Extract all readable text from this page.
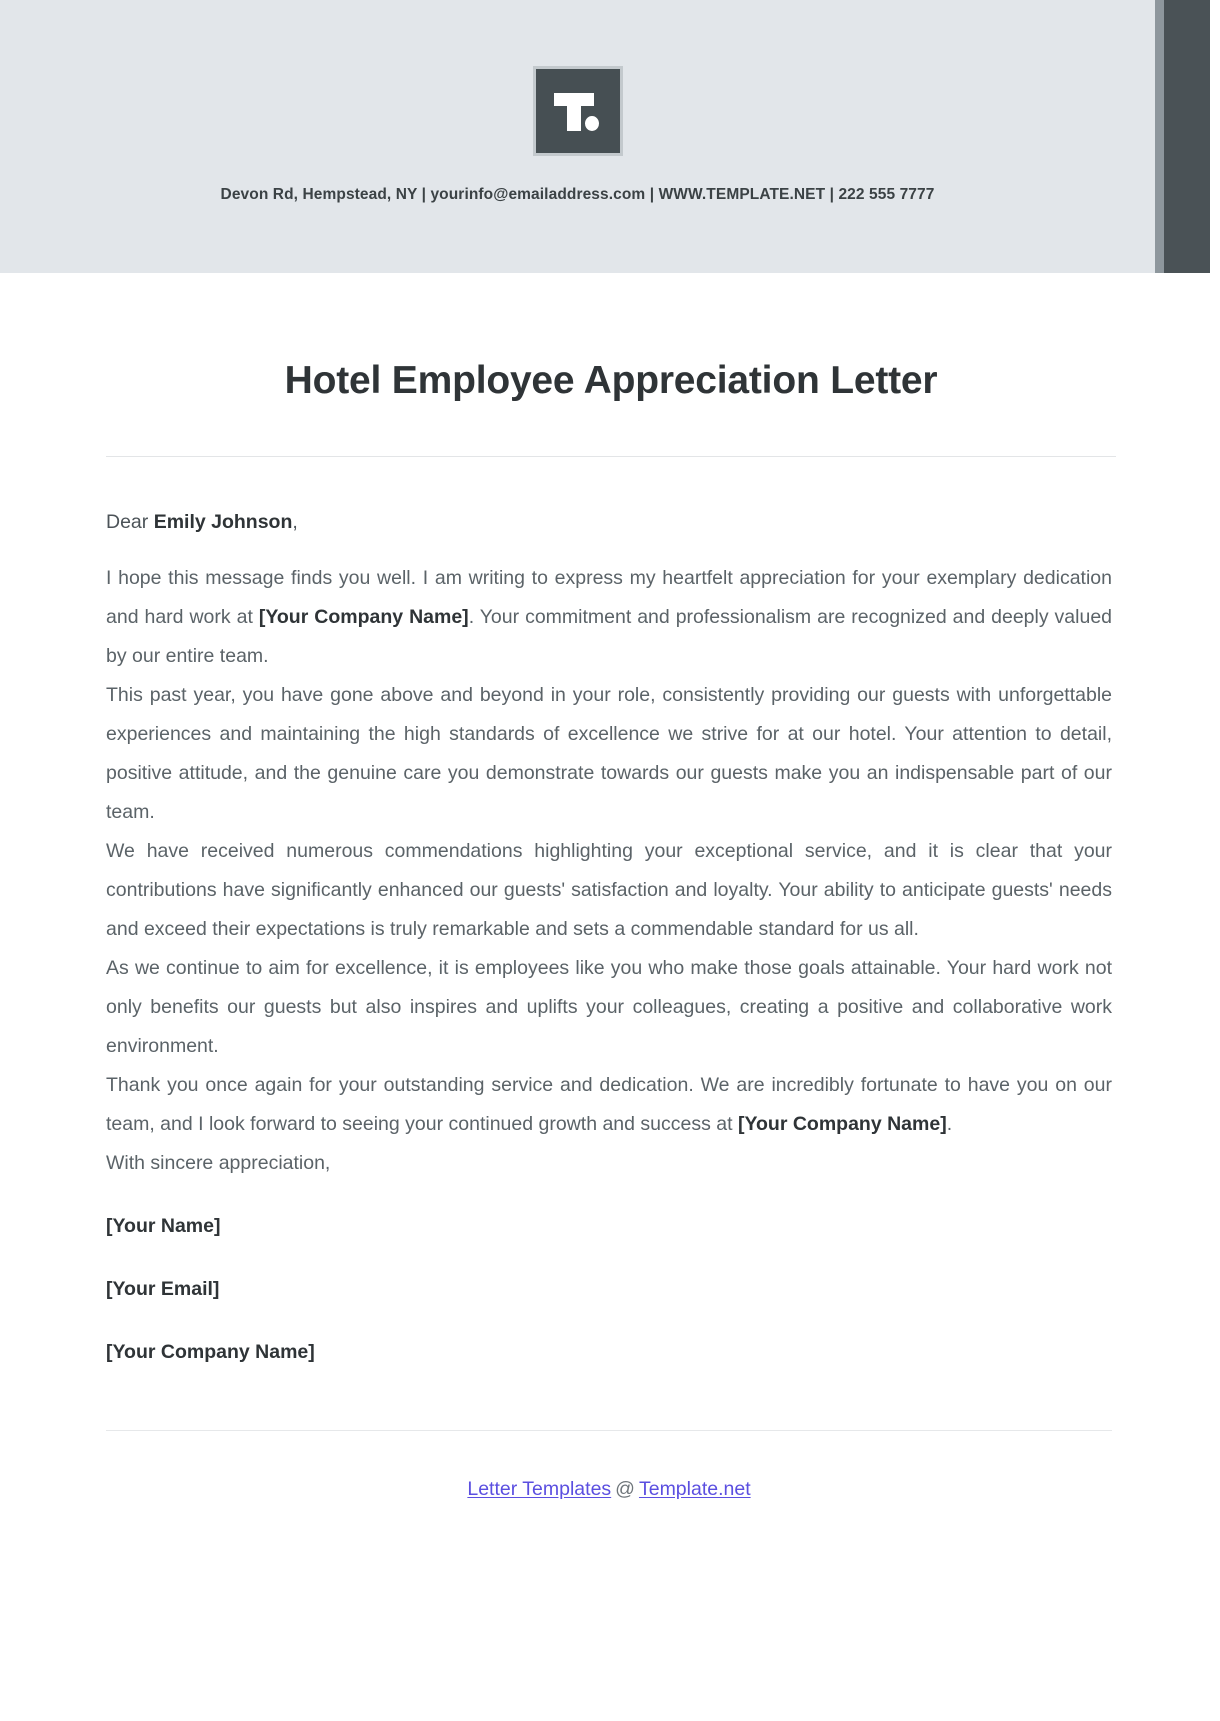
Devon Rd, Hempstead, NY | yourinfo@emailaddress.com | WWW.TEMPLATE.NET | 222 555 7777
Hotel Employee Appreciation Letter

Dear Emily Johnson,

I hope this message finds you well. I am writing to express my heartfelt appreciation for your exemplary dedication and hard work at [Your Company Name]. Your commitment and professionalism are recognized and deeply valued by our entire team.

This past year, you have gone above and beyond in your role, consistently providing our guests with unforgettable experiences and maintaining the high standards of excellence we strive for at our hotel. Your attention to detail, positive attitude, and the genuine care you demonstrate towards our guests make you an indispensable part of our team.

We have received numerous commendations highlighting your exceptional service, and it is clear that your contributions have significantly enhanced our guests' satisfaction and loyalty. Your ability to anticipate guests' needs and exceed their expectations is truly remarkable and sets a commendable standard for us all.

As we continue to aim for excellence, it is employees like you who make those goals attainable. Your hard work not only benefits our guests but also inspires and uplifts your colleagues, creating a positive and collaborative work environment.

Thank you once again for your outstanding service and dedication. We are incredibly fortunate to have you on our team, and I look forward to seeing your continued growth and success at [Your Company Name].

With sincere appreciation,

[Your Name]

[Your Email]

[Your Company Name]

Letter Templates @ Template.net
